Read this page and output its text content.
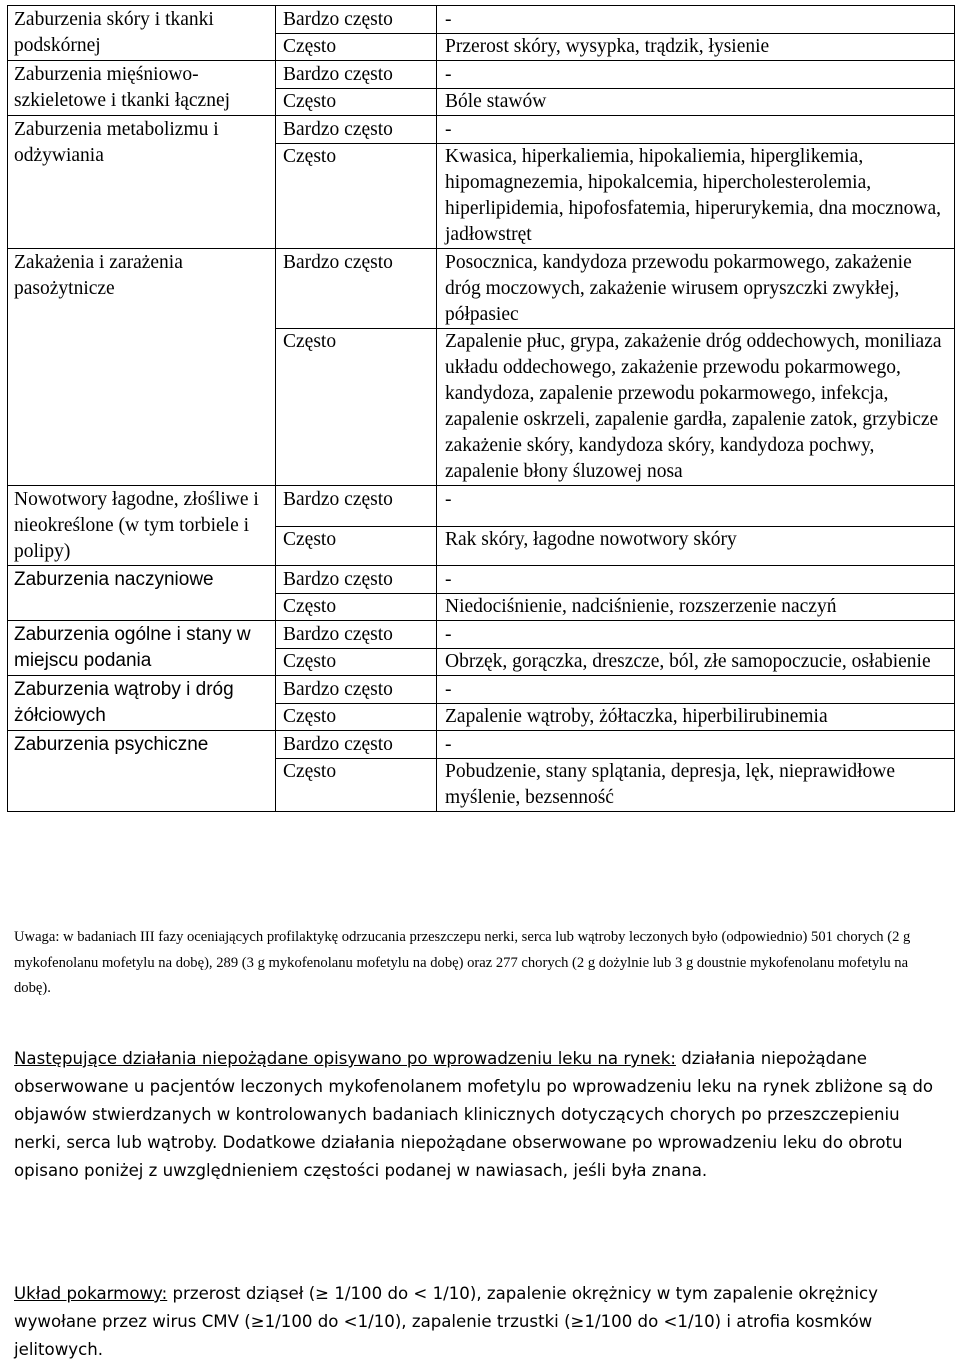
Zaburzenia skóry i tkanki podskórnej	Bardzo często	-
	Często	Przerost skóry, wysypka, trądzik, łysienie
Zaburzenia mięśniowo-szkieletowe i tkanki łącznej	Bardzo często	-
	Często	Bóle stawów
Zaburzenia metabolizmu i odżywiania	Bardzo często	-
	Często	Kwasica, hiperkaliemia, hipokaliemia, hiperglikemia, hipomagnezemia, hipokalcemia, hipercholesterolemia, hiperlipidemia, hipofosfatemia, hiperurykemia, dna mocznowa, jadłowstręt
Zakażenia i zarażenia pasożytnicze	Bardzo często	Posocznica, kandydoza przewodu pokarmowego, zakażenie dróg moczowych, zakażenie wirusem opryszczki zwykłej, półpasiec
	Często	Zapalenie płuc, grypa, zakażenie dróg oddechowych, moniliaza układu oddechowego, zakażenie przewodu pokarmowego, kandydoza, zapalenie przewodu pokarmowego, infekcja, zapalenie oskrzeli, zapalenie gardła, zapalenie zatok, grzybicze zakażenie skóry, kandydoza skóry, kandydoza pochwy, zapalenie błony śluzowej nosa
Nowotwory łagodne, złośliwe i nieokreślone (w tym torbiele i polipy)	Bardzo często	-
	Często	Rak skóry, łagodne nowotwory skóry
Zaburzenia naczyniowe	Bardzo często	-
	Często	Niedociśnienie, nadciśnienie, rozszerzenie naczyń
Zaburzenia ogólne i stany w miejscu podania	Bardzo często	-
	Często	Obrzęk, gorączka, dreszcze, ból, złe samopoczucie, osłabienie
Zaburzenia wątroby i dróg żółciowych	Bardzo często	-
	Często	Zapalenie wątroby, żółtaczka, hiperbilirubinemia
Zaburzenia psychiczne	Bardzo często	-
	Często	Pobudzenie, stany splątania, depresja, lęk, nieprawidłowe myślenie, bezsenność
Uwaga: w badaniach III fazy oceniających profilaktykę odrzucania przeszczepu nerki, serca lub wątroby leczonych było (odpowiednio) 501 chorych (2 g mykofenolanu mofetylu na dobę), 289 (3 g mykofenolanu mofetylu na dobę) oraz 277 chorych (2 g dożylnie lub 3 g doustnie mykofenolanu mofetylu na dobę).
Następujące działania niepożądane opisywano po wprowadzeniu leku na rynek: działania niepożądane obserwowane u pacjentów leczonych mykofenolanem mofetylu po wprowadzeniu leku na rynek zbliżone są do objawów stwierdzanych w kontrolowanych badaniach klinicznych dotyczących chorych po przeszczepieniu nerki, serca lub wątroby. Dodatkowe działania niepożądane obserwowane po wprowadzeniu leku do obrotu opisano poniżej z uwzględnieniem częstości podanej w nawiasach, jeśli była znana.
Układ pokarmowy: przerost dziąseł (≥ 1/100 do < 1/10), zapalenie okrężnicy w tym zapalenie okrężnicy wywołane przez wirus CMV (≥1/100 do <1/10), zapalenie trzustki (≥1/100 do <1/10) i atrofia kosmków jelitowych.
